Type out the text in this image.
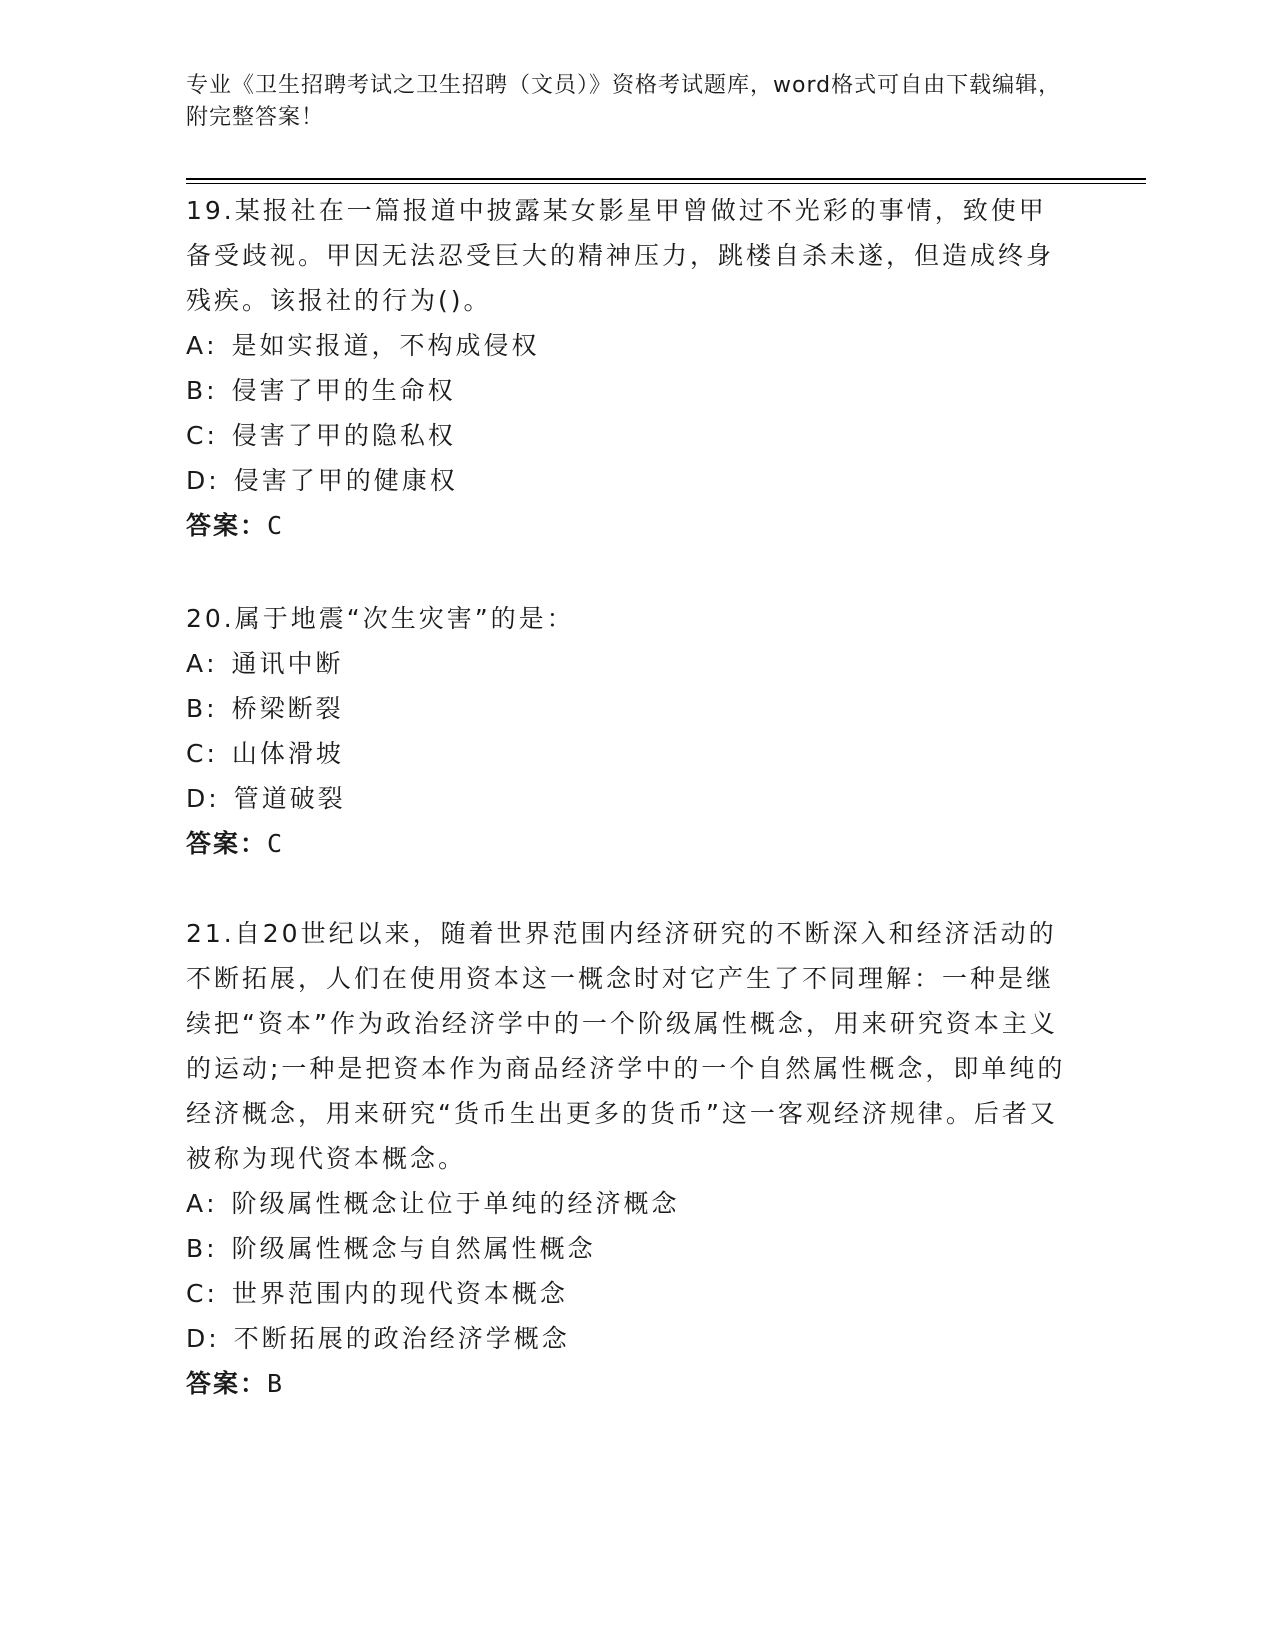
专业《卫生招聘考试之卫生招聘（文员）》资格考试题库，word格式可自由下载编辑，附完整答案！

19.某报社在一篇报道中披露某女影星甲曾做过不光彩的事情，致使甲备受歧视。甲因无法忍受巨大的精神压力，跳楼自杀未遂，但造成终身残疾。该报社的行为()。

A: 是如实报道，不构成侵权

B: 侵害了甲的生命权

C: 侵害了甲的隐私权

D: 侵害了甲的健康权

答案：C

20.属于地震“次生灾害”的是：

A: 通讯中断

B: 桥梁断裂

C: 山体滑坡

D: 管道破裂

答案：C

21.自20世纪以来，随着世界范围内经济研究的不断深入和经济活动的不断拓展，人们在使用资本这一概念时对它产生了不同理解：一种是继续把“资本”作为政治经济学中的一个阶级属性概念，用来研究资本主义的运动;一种是把资本作为商品经济学中的一个自然属性概念，即单纯的经济概念，用来研究“货币生出更多的货币”这一客观经济规律。后者又被称为现代资本概念。

A: 阶级属性概念让位于单纯的经济概念

B: 阶级属性概念与自然属性概念

C: 世界范围内的现代资本概念

D: 不断拓展的政治经济学概念

答案：B
